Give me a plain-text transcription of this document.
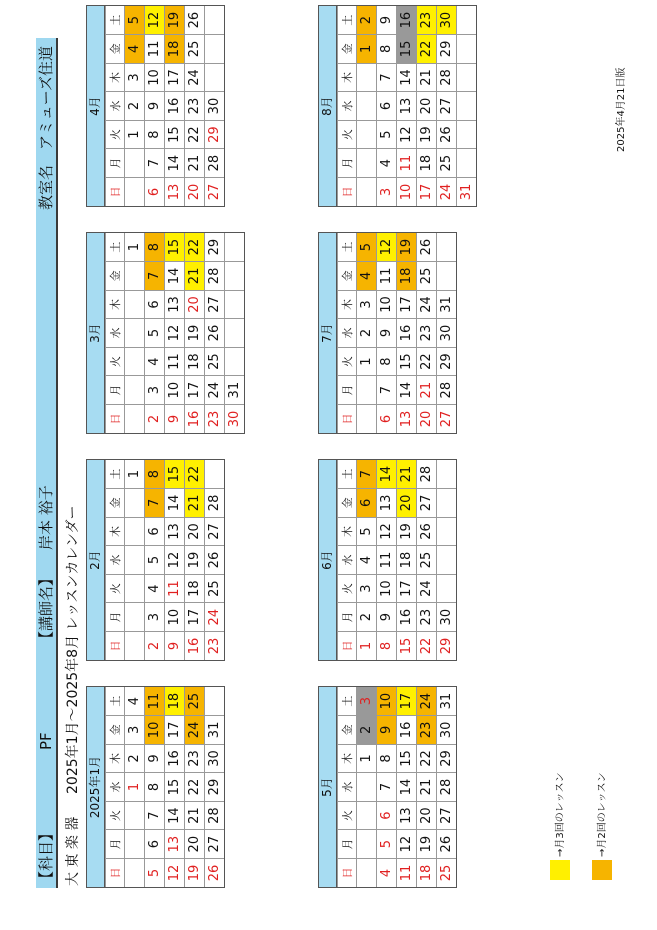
【科目】
PF
【講師名】
岸本 裕子
教室名
アミューズ住道
大 東 楽 器
2025年1月～2025年8月 レッスンカレンダー 2025年1月
日	月	火	水	木	金	土
			1	2	3	4
5	6	7	8	9	10	11
12	13	14	15	16	17	18
19	20	21	22	23	24	25
26	27	28	29	30	31	
2月
日	月	火	水	木	金	土
						1
2	3	4	5	6	7	8
9	10	11	12	13	14	15
16	17	18	19	20	21	22
23	24	25	26	27	28	
3月
日	月	火	水	木	金	土
						1
2	3	4	5	6	7	8
9	10	11	12	13	14	15
16	17	18	19	20	21	22
23	24	25	26	27	28	29
30	31					
4月
日	月	火	水	木	金	土
		1	2	3	4	5
6	7	8	9	10	11	12
13	14	15	16	17	18	19
20	21	22	23	24	25	26
27	28	29	30			
5月
日	月	火	水	木	金	土
				1	2	3
4	5	6	7	8	9	10
11	12	13	14	15	16	17
18	19	20	21	22	23	24
25	26	27	28	29	30	31
6月
日	月	火	水	木	金	土
1	2	3	4	5	6	7
8	9	10	11	12	13	14
15	16	17	18	19	20	21
22	23	24	25	26	27	28
29	30					
7月
日	月	火	水	木	金	土
		1	2	3	4	5
6	7	8	9	10	11	12
13	14	15	16	17	18	19
20	21	22	23	24	25	26
27	28	29	30	31		
8月
日	月	火	水	木	金	土
					1	2
3	4	5	6	7	8	9
10	11	12	13	14	15	16
17	18	19	20	21	22	23
24	25	26	27	28	29	30
31						
→月3回のレッスン	→月2回のレッスン
2025年4月21日版
